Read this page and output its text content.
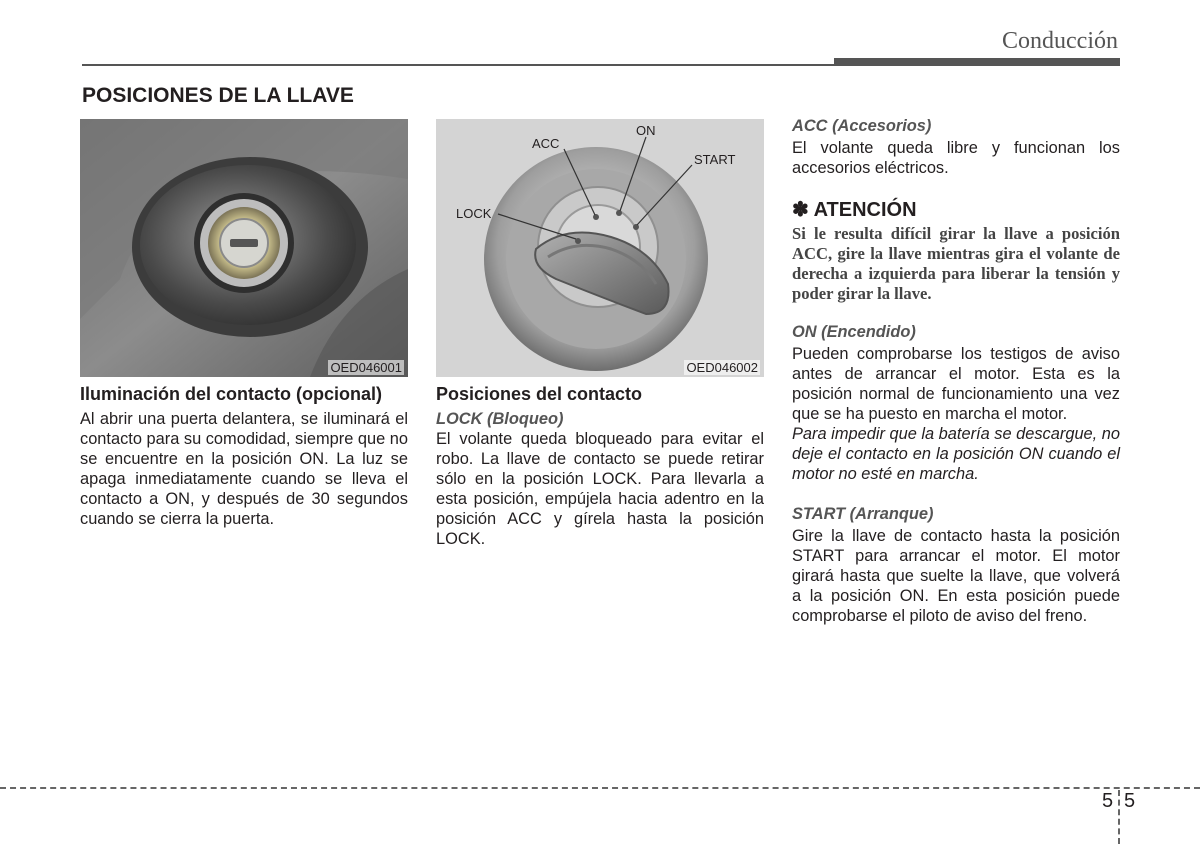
Conducción
POSICIONES DE LA LLAVE
OED046001
LOCK
ACC
ON
START
OED046002

Iluminación del contacto (opcional)

Al abrir una puerta delantera, se iluminará el contacto para su comodidad, siempre que no se encuentre en la posición ON. La luz se apaga inmediatamente cuando se lleva el contacto a ON, y después de 30 segundos cuando se cierra la puerta.

Posiciones del contacto

LOCK (Bloqueo)

El volante queda bloqueado para evitar el robo. La llave de contacto se puede retirar sólo en la posición LOCK. Para llevarla a esta posición, empújela hacia adentro en la posición ACC y gírela hasta la posición LOCK.

ACC (Accesorios)

El volante queda libre y funcionan los accesorios eléctricos.

✽ ATENCIÓN

Si le resulta difícil girar la llave a posición ACC, gire la llave mientras gira el volante de derecha a izquierda para liberar la tensión y poder girar la llave.

ON (Encendido)

Pueden comprobarse los testigos de aviso antes de arrancar el motor. Esta es la posición normal de funcionamiento una vez que se ha puesto en marcha el motor.

Para impedir que la batería se descargue, no deje el contacto en la posición ON cuando el motor no esté en marcha.

START (Arranque)

Gire la llave de contacto hasta la posición START para arrancar el motor. El motor girará hasta que suelte la llave, que volverá a la posición ON. En esta posición puede comprobarse el piloto de aviso del freno.

5 5
